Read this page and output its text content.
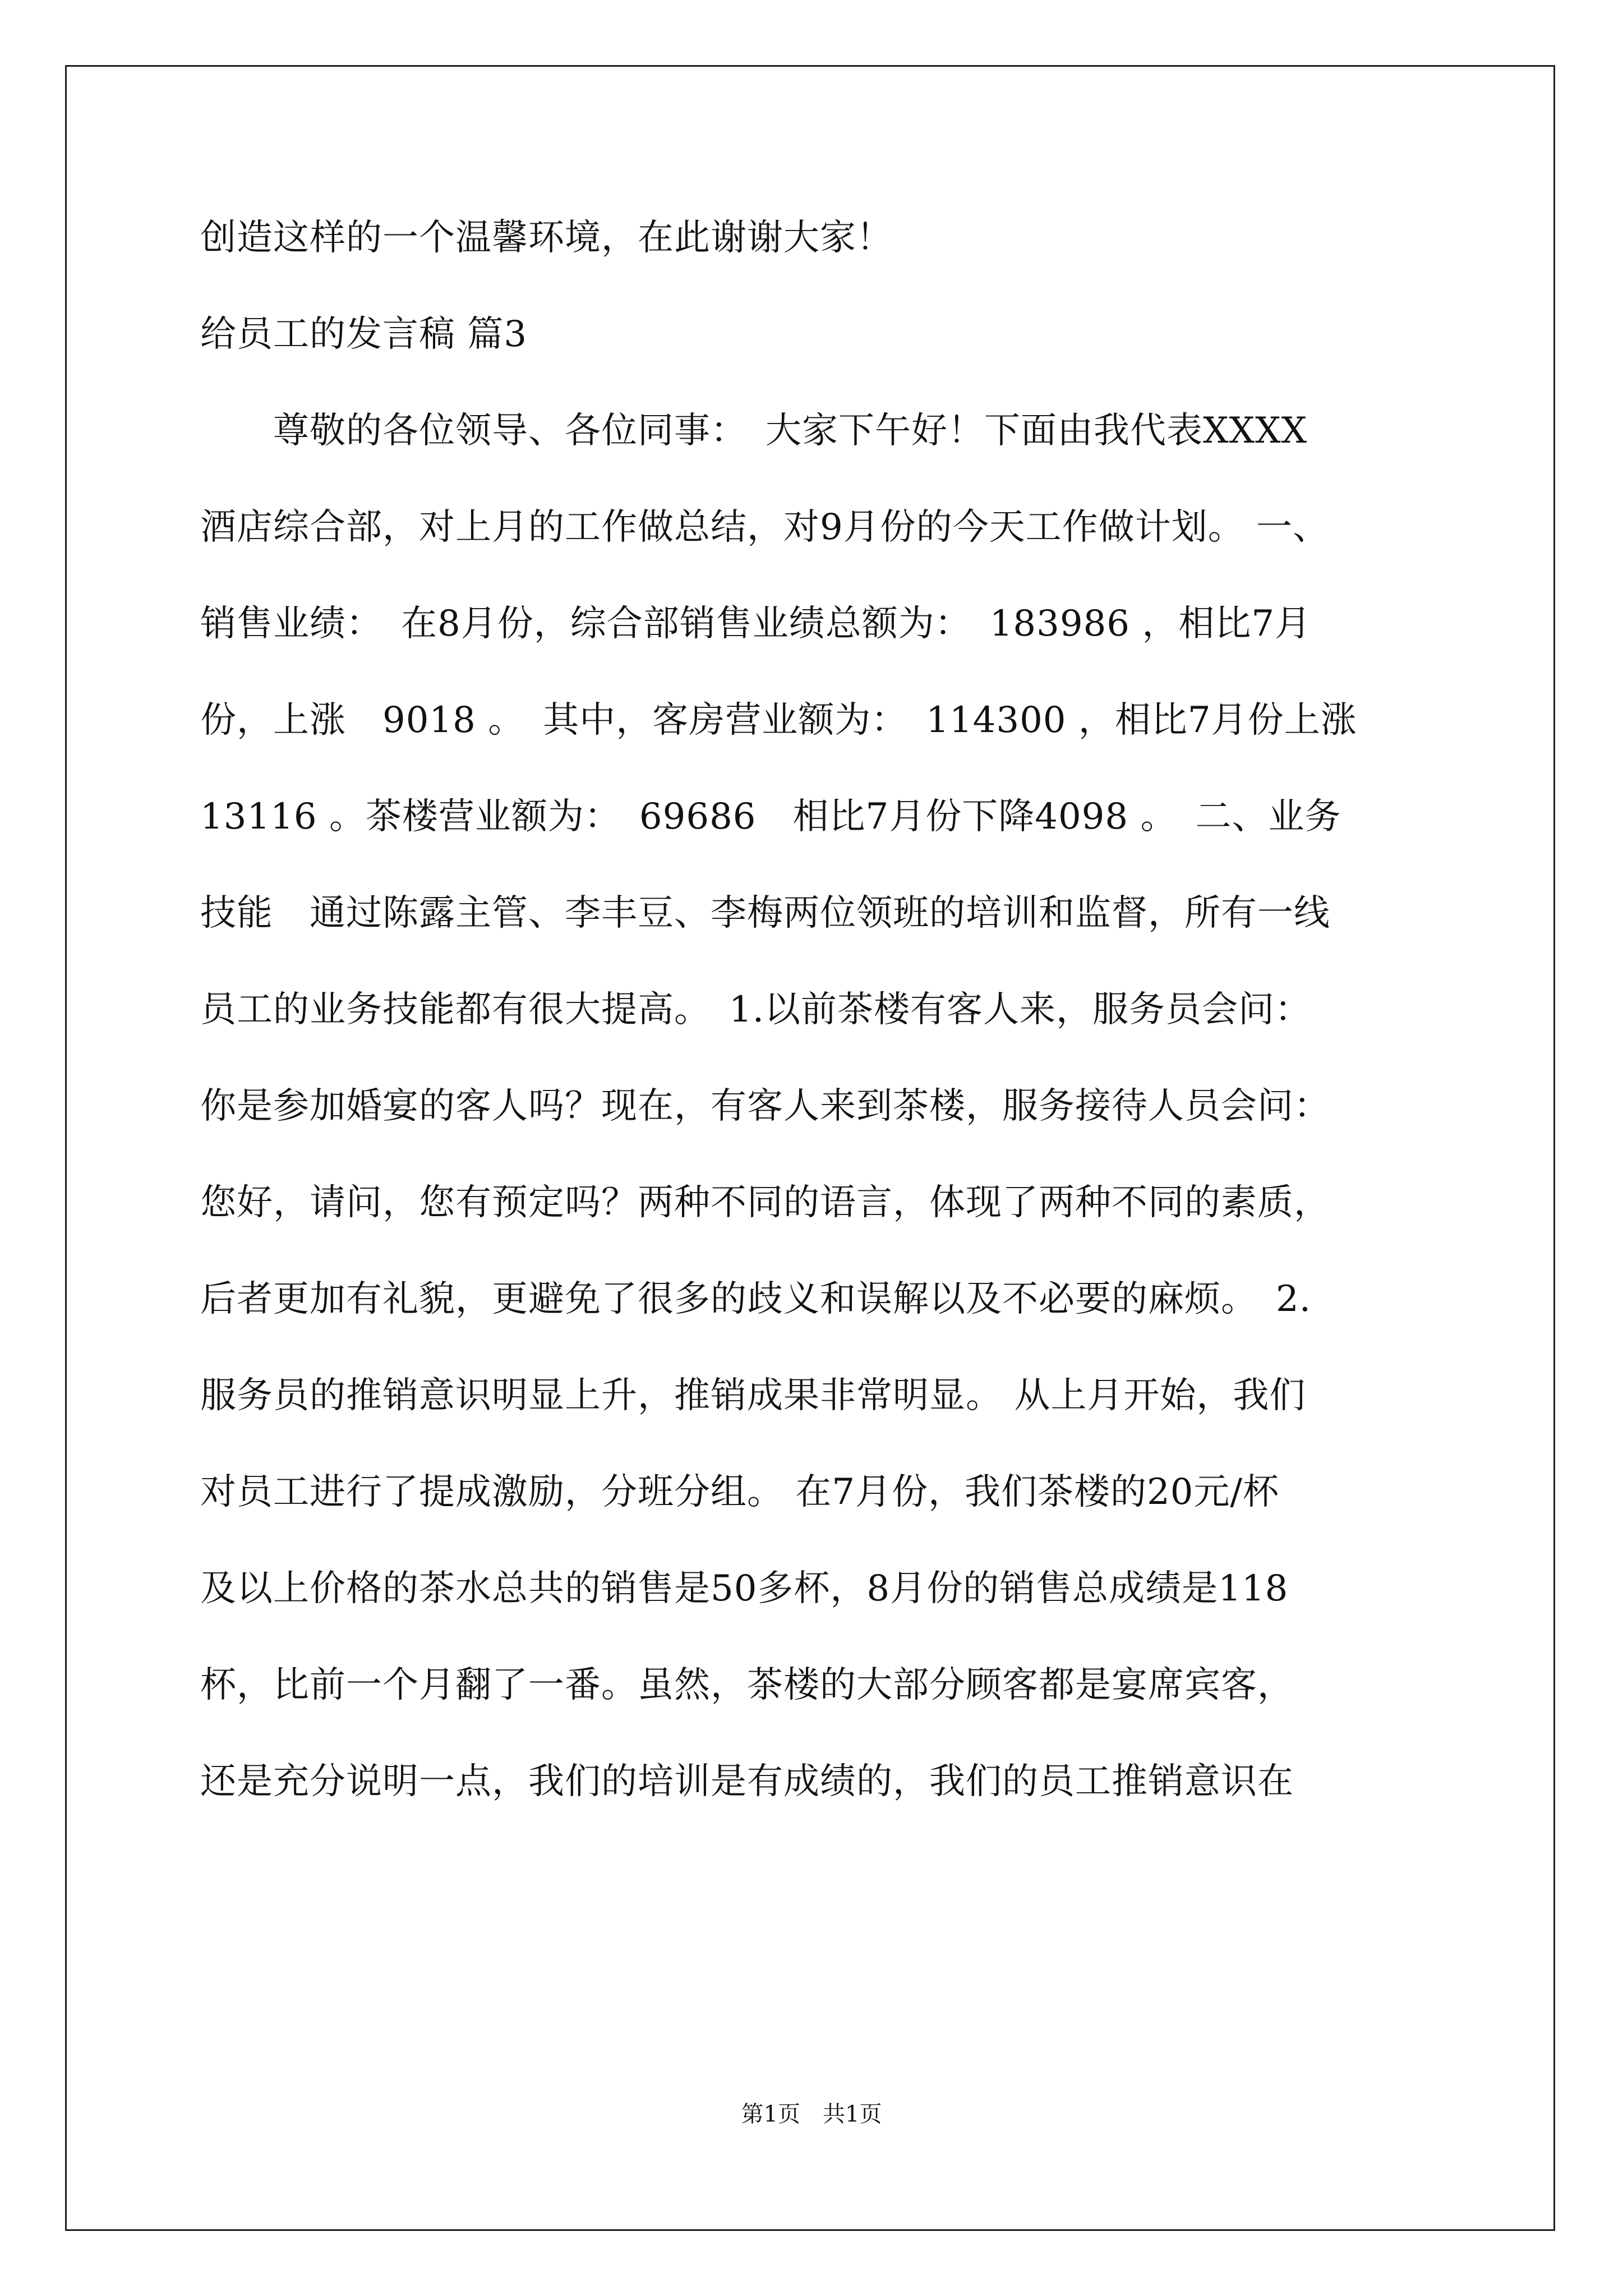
创造这样的一个温馨环境，在此谢谢大家！
给员工的发言稿 篇3
　　尊敬的各位领导、各位同事：　大家下午好！下面由我代表XXXX
酒店综合部，对上月的工作做总结，对9月份的今天工作做计划。 一、
销售业绩：　在8月份，综合部销售业绩总额为：　183986 ，相比7月
份，上涨　9018 。　其中，客房营业额为：　114300 ，相比7月份上涨
13116 。茶楼营业额为：　69686　相比7月份下降4098 。　二、业务
技能　通过陈露主管、李丰豆、李梅两位领班的培训和监督，所有一线
员工的业务技能都有很大提高。　1.以前茶楼有客人来，服务员会问：
你是参加婚宴的客人吗？现在，有客人来到茶楼，服务接待人员会问：
您好，请问，您有预定吗？两种不同的语言，体现了两种不同的素质，
后者更加有礼貌，更避免了很多的歧义和误解以及不必要的麻烦。　2.
服务员的推销意识明显上升，推销成果非常明显。 从上月开始，我们
对员工进行了提成激励，分班分组。 在7月份，我们茶楼的20元/杯
及以上价格的茶水总共的销售是50多杯，8月份的销售总成绩是118
杯，比前一个月翻了一番。虽然，茶楼的大部分顾客都是宴席宾客，
还是充分说明一点，我们的培训是有成绩的，我们的员工推销意识在
第1页　共1页
